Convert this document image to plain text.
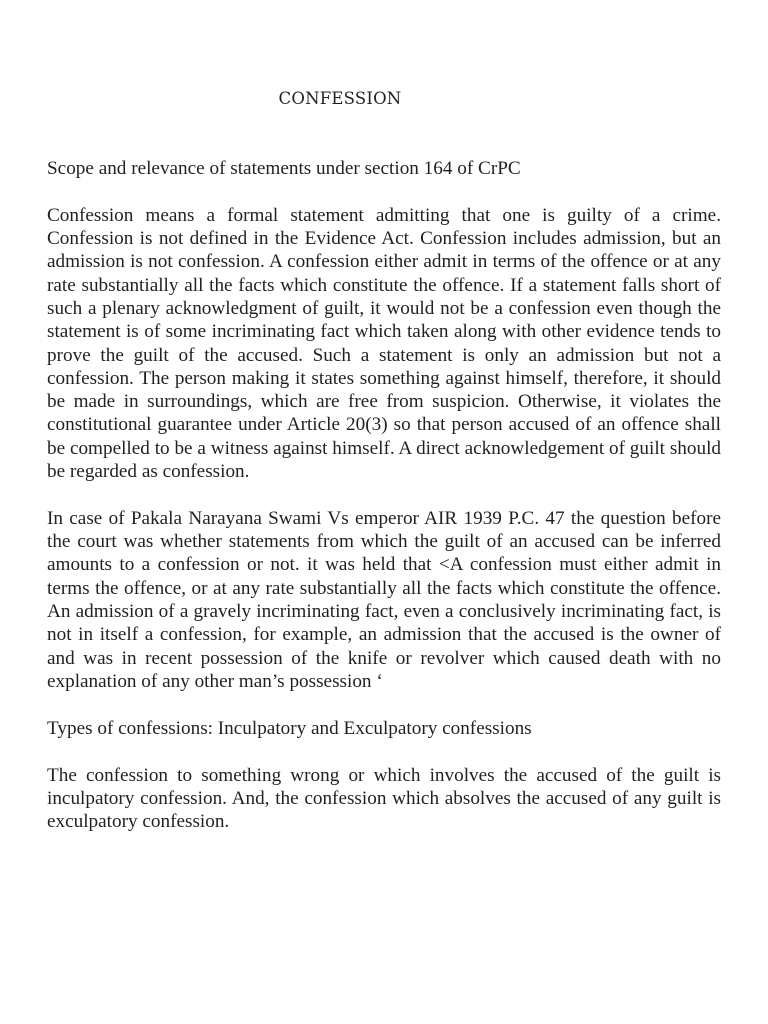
CONFESSION
Scope and relevance of statements under section 164 of CrPC
Confession means a formal statement admitting that one is guilty of a crime. Confession is not defined in the Evidence Act. Confession includes admission, but an admission is not confession. A confession either admit in terms of the offence or at any rate substantially all the facts which constitute the offence. If a statement falls short of such a plenary acknowledgment of guilt, it would not be a confession even though the statement is of some incriminating fact which taken along with other evidence tends to prove the guilt of the accused. Such a statement is only an admission but not a confession. The person making it states something against himself, therefore, it should be made in surroundings, which are free from suspicion. Otherwise, it violates the constitutional guarantee under Article 20(3) so that person accused of an offence shall be compelled to be a witness against himself. A direct acknowledgement of guilt should be regarded as confession.
In case of Pakala Narayana Swami Vs emperor AIR 1939 P.C. 47 the question before the court was whether statements from which the guilt of an accused can be inferred amounts to a confession or not. it was held that <A confession must either admit in terms the offence, or at any rate substantially all the facts which constitute the offence. An admission of a gravely incriminating fact, even a conclusively incriminating fact, is not in itself a confession, for example, an admission that the accused is the owner of and was in recent possession of the knife or revolver which caused death with no explanation of any other man’s possession ‘
Types of confessions: Inculpatory and Exculpatory confessions
The confession to something wrong or which involves the accused of the guilt is inculpatory confession. And, the confession which absolves the accused of any guilt is exculpatory confession.
